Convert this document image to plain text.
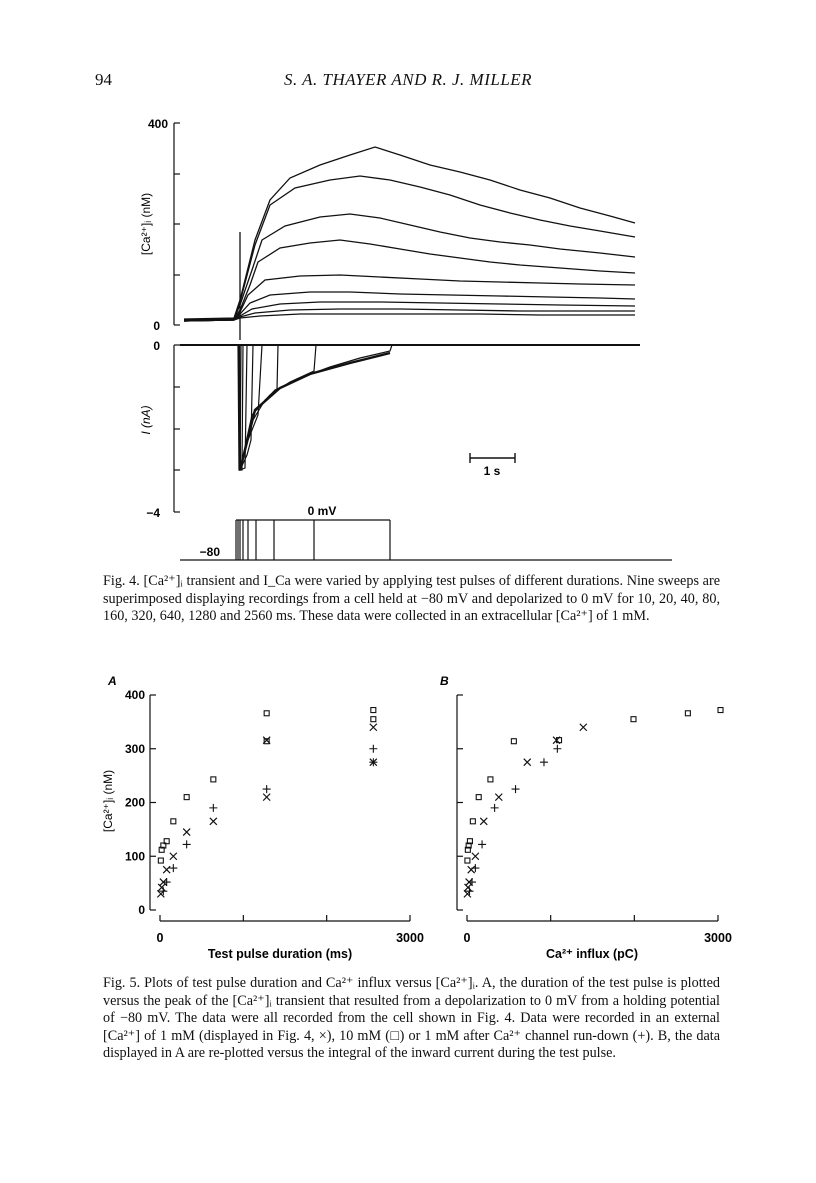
94	S. A. THAYER AND R. J. MILLER
400
0
[Ca²⁺]ᵢ (nM)
0
−4
I (nA)
1 s
0 mV
−80
Fig. 4. [Ca²⁺]ᵢ transient and I_Ca were varied by applying test pulses of different durations. Nine sweeps are superimposed displaying recordings from a cell held at −80 mV and depolarized to 0 mV for 10, 20, 40, 80, 160, 320, 640, 1280 and 2560 ms. These data were collected in an extracellular [Ca²⁺] of 1 mM.
A	B
0
100
200
300
400
0	3000
[Ca²⁺]ᵢ (nM)
Test pulse duration (ms)
0	3000
Ca²⁺ influx (pC)
Fig. 5. Plots of test pulse duration and Ca²⁺ influx versus [Ca²⁺]ᵢ. A, the duration of the test pulse is plotted versus the peak of the [Ca²⁺]ᵢ transient that resulted from a depolarization to 0 mV from a holding potential of −80 mV. The data were all recorded from the cell shown in Fig. 4. Data were recorded in an external [Ca²⁺] of 1 mM (displayed in Fig. 4, ×), 10 mM (□) or 1 mM after Ca²⁺ channel run-down (+). B, the data displayed in A are re-plotted versus the integral of the inward current during the test pulse.
